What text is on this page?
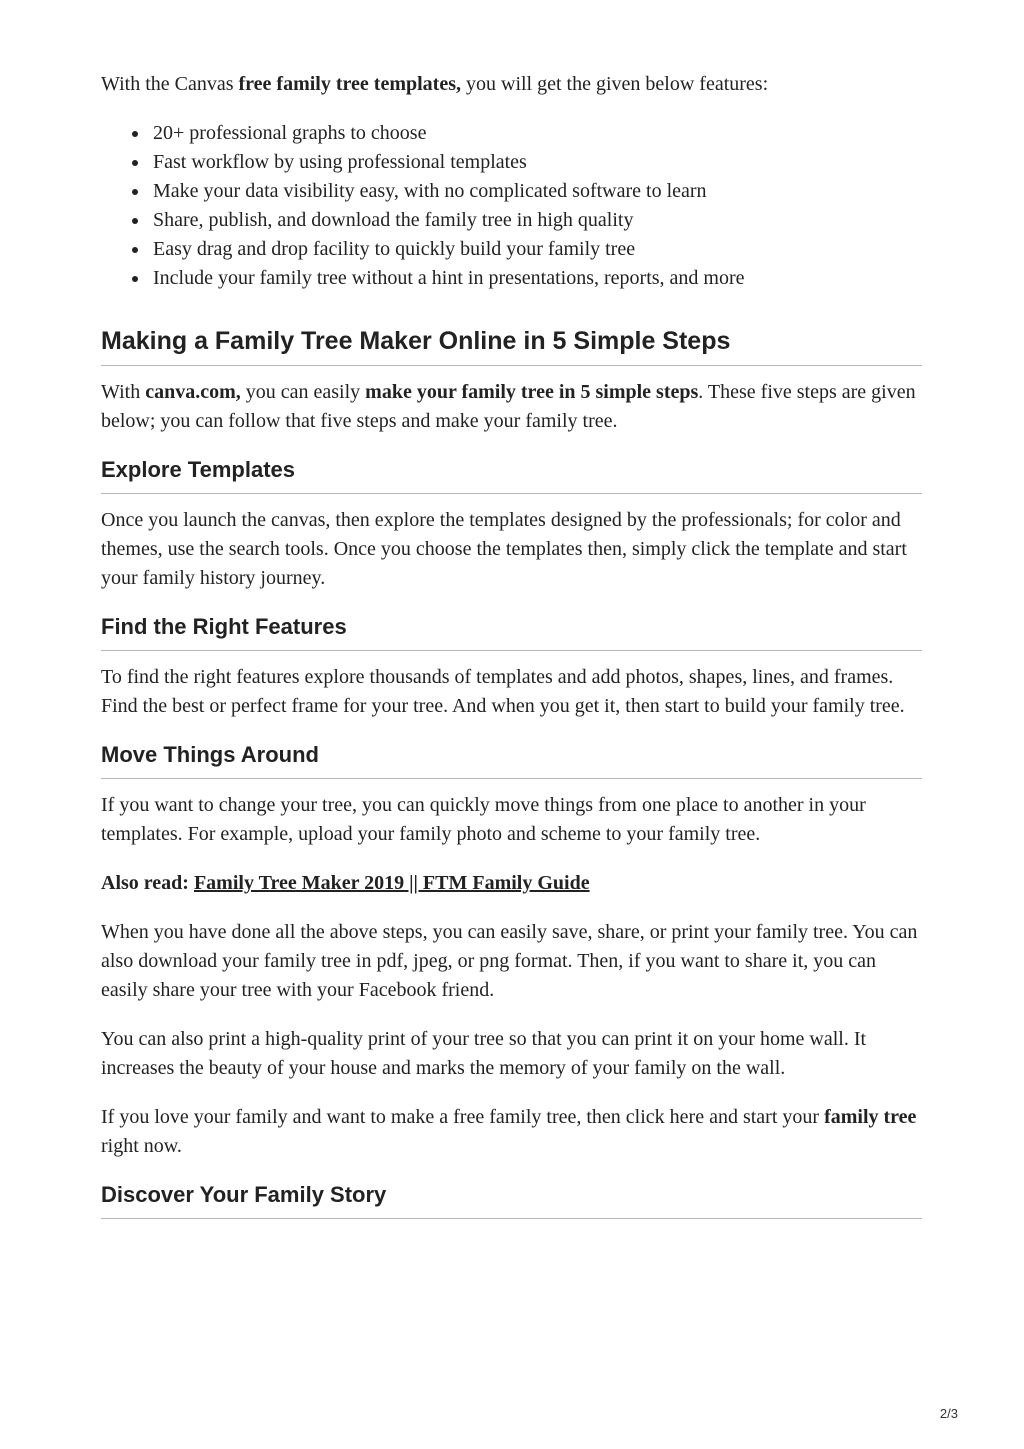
With the Canvas free family tree templates, you will get the given below features:

20+ professional graphs to choose
Fast workflow by using professional templates
Make your data visibility easy, with no complicated software to learn
Share, publish, and download the family tree in high quality
Easy drag and drop facility to quickly build your family tree
Include your family tree without a hint in presentations, reports, and more
Making a Family Tree Maker Online in 5 Simple Steps

With canva.com, you can easily make your family tree in 5 simple steps. These five steps are given below; you can follow that five steps and make your family tree.

Explore Templates

Once you launch the canvas, then explore the templates designed by the professionals; for color and themes, use the search tools. Once you choose the templates then, simply click the template and start your family history journey.

Find the Right Features

To find the right features explore thousands of templates and add photos, shapes, lines, and frames. Find the best or perfect frame for your tree. And when you get it, then start to build your family tree.

Move Things Around

If you want to change your tree, you can quickly move things from one place to another in your templates. For example, upload your family photo and scheme to your family tree.

Also read: Family Tree Maker 2019 || FTM Family Guide

When you have done all the above steps, you can easily save, share, or print your family tree. You can also download your family tree in pdf, jpeg, or png format. Then, if you want to share it, you can easily share your tree with your Facebook friend.

You can also print a high-quality print of your tree so that you can print it on your home wall. It increases the beauty of your house and marks the memory of your family on the wall.

If you love your family and want to make a free family tree, then click here and start your family tree right now.

Discover Your Family Story
2/3
